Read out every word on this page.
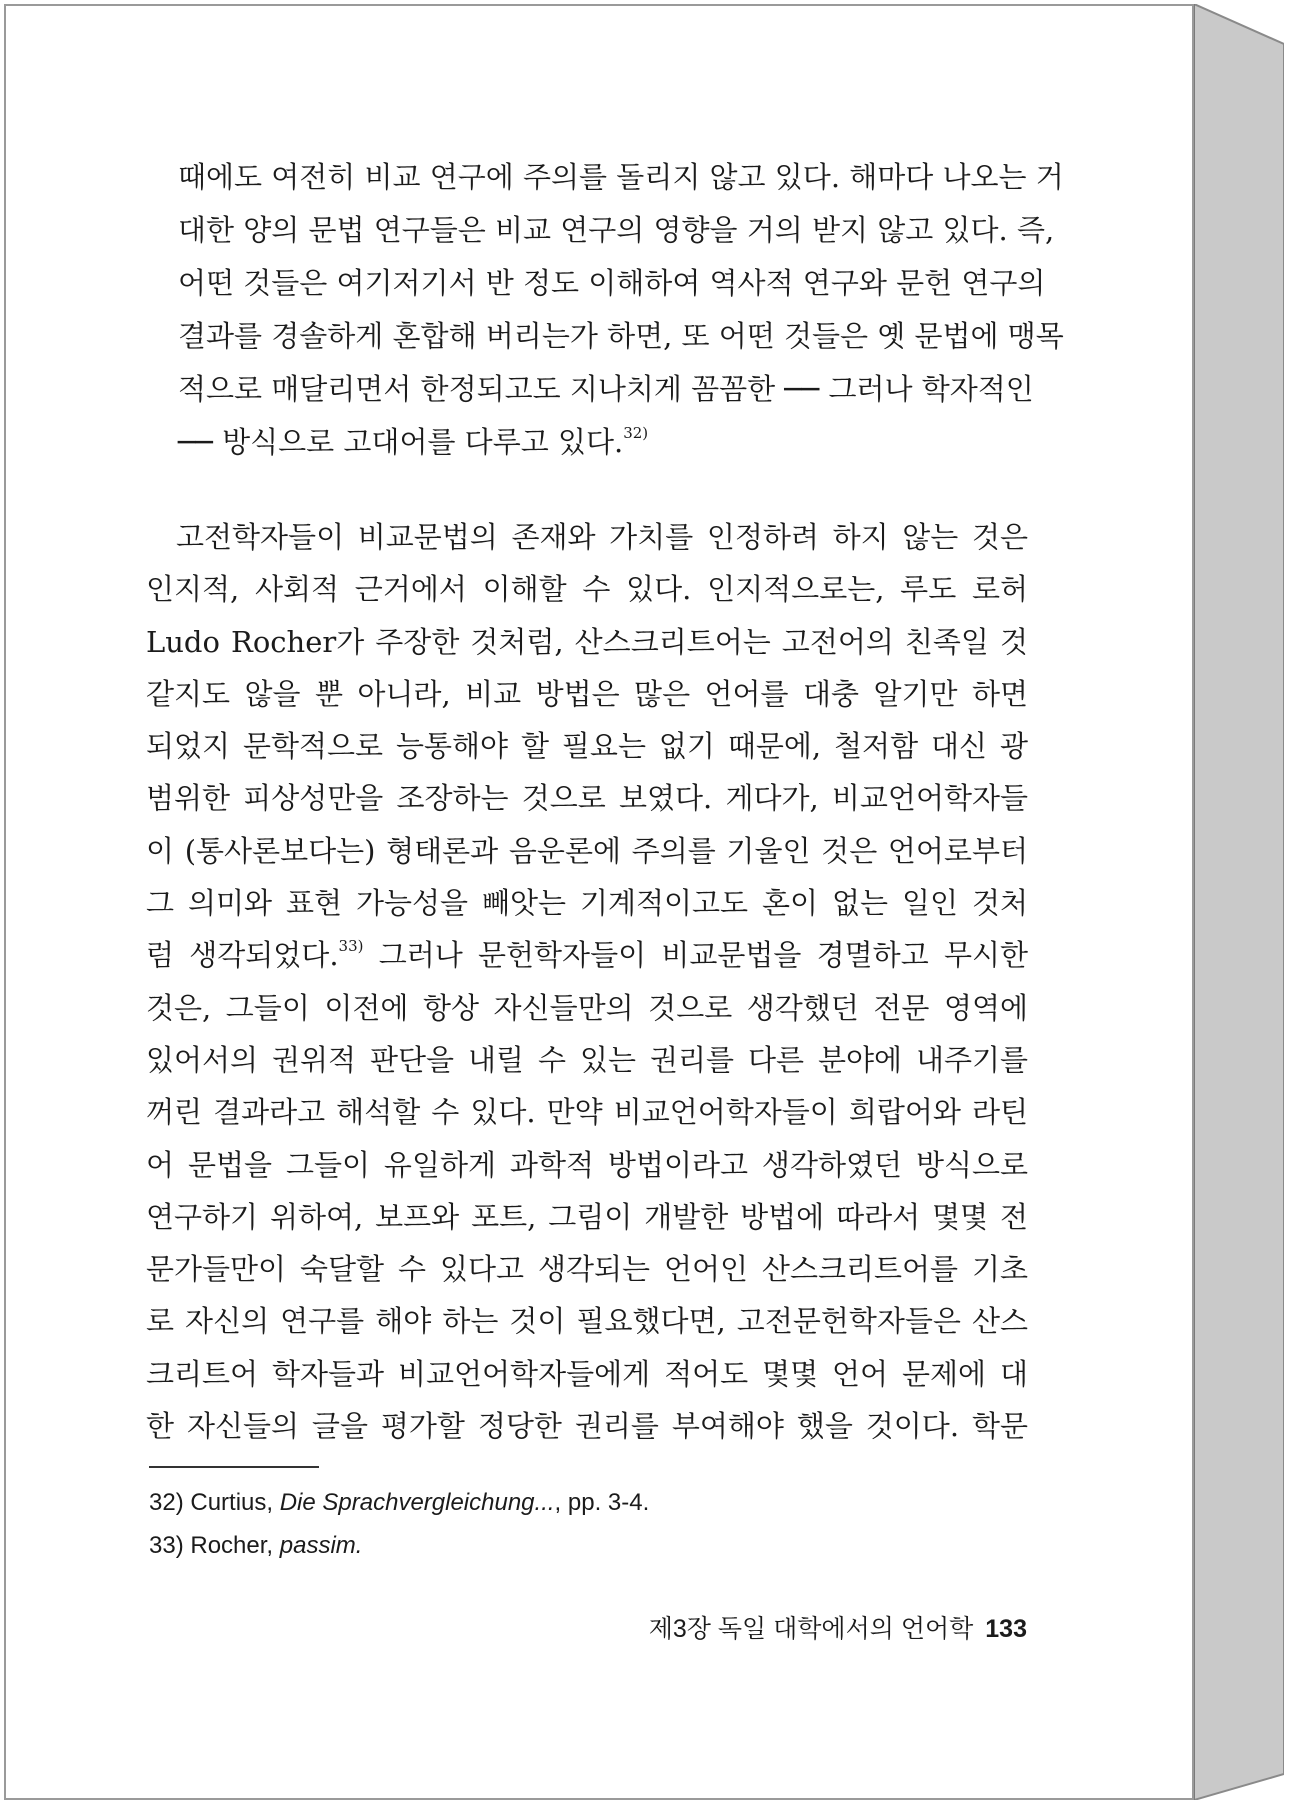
때에도 여전히 비교 연구에 주의를 돌리지 않고 있다. 해마다 나오는 거
대한 양의 문법 연구들은 비교 연구의 영향을 거의 받지 않고 있다. 즉,
어떤 것들은 여기저기서 반 정도 이해하여 역사적 연구와 문헌 연구의
결과를 경솔하게 혼합해 버리는가 하면, 또 어떤 것들은 옛 문법에 맹목
적으로 매달리면서 한정되고도 지나치게 꼼꼼한 ── 그러나 학자적인
── 방식으로 고대어를 다루고 있다.$^{32)}$
고전학자들이 비교문법의 존재와 가치를 인정하려 하지 않는 것은
인지적, 사회적 근거에서 이해할 수 있다. 인지적으로는, 루도 로허
Ludo Rocher가 주장한 것처럼, 산스크리트어는 고전어의 친족일 것
같지도 않을 뿐 아니라, 비교 방법은 많은 언어를 대충 알기만 하면
되었지 문학적으로 능통해야 할 필요는 없기 때문에, 철저함 대신 광
범위한 피상성만을 조장하는 것으로 보였다. 게다가, 비교언어학자들
이 (통사론보다는) 형태론과 음운론에 주의를 기울인 것은 언어로부터
그 의미와 표현 가능성을 빼앗는 기계적이고도 혼이 없는 일인 것처
럼 생각되었다.$^{33)}$ 그러나 문헌학자들이 비교문법을 경멸하고 무시한
것은, 그들이 이전에 항상 자신들만의 것으로 생각했던 전문 영역에
있어서의 권위적 판단을 내릴 수 있는 권리를 다른 분야에 내주기를
꺼린 결과라고 해석할 수 있다. 만약 비교언어학자들이 희랍어와 라틴
어 문법을 그들이 유일하게 과학적 방법이라고 생각하였던 방식으로
연구하기 위하여, 보프와 포트, 그림이 개발한 방법에 따라서 몇몇 전
문가들만이 숙달할 수 있다고 생각되는 언어인 산스크리트어를 기초
로 자신의 연구를 해야 하는 것이 필요했다면, 고전문헌학자들은 산스
크리트어 학자들과 비교언어학자들에게 적어도 몇몇 언어 문제에 대
한 자신들의 글을 평가할 정당한 권리를 부여해야 했을 것이다. 학문
32) Curtius, Die Sprachvergleichung..., pp. 3-4.
33) Rocher, passim.
제3장 독일 대학에서의 언어학 133
